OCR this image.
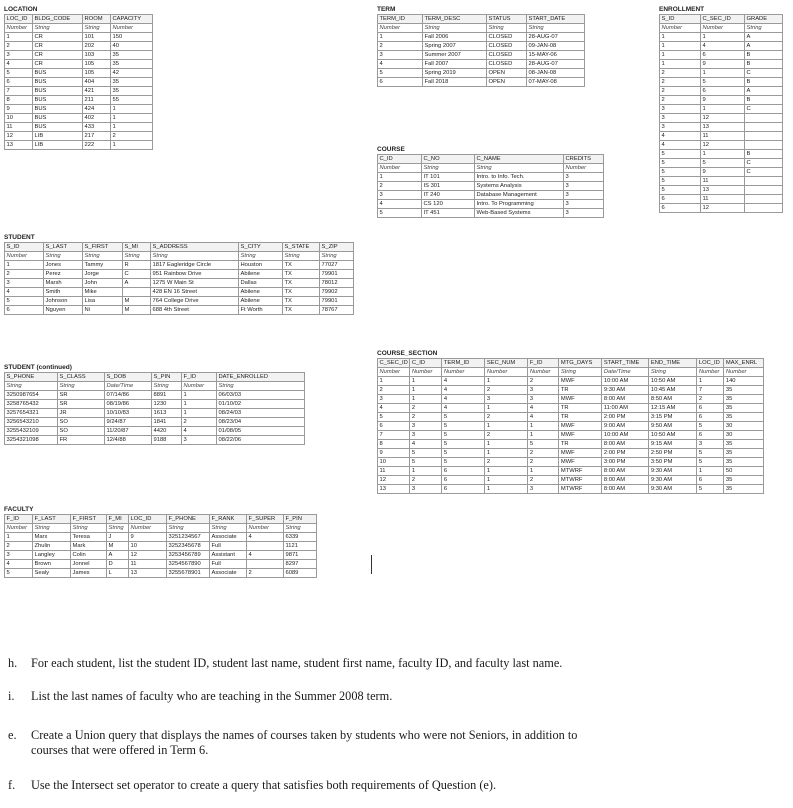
LOCATION
LOC_ID	BLDG_CODE	ROOM	CAPACITY
Number	String	String	Number
1	CR	101	150
2	CR	202	40
3	CR	103	35
4	CR	105	35
5	BUS	105	42
6	BUS	404	35
7	BUS	421	35
8	BUS	211	55
9	BUS	424	1
10	BUS	402	1
11	BUS	433	1
12	LIB	217	2
13	LIB	222	1
TERM
TERM_ID	TERM_DESC	STATUS	START_DATE
Number	String	String	String
1	Fall 2006	CLOSED	28-AUG-07
2	Spring 2007	CLOSED	09-JAN-08
3	Summer 2007	CLOSED	15-MAY-06
4	Fall 2007	CLOSED	28-AUG-07
5	Spring 2019	OPEN	08-JAN-08
6	Fall 2018	OPEN	07-MAY-08
ENROLLMENT
S_ID	C_SEC_ID	GRADE
Number	Number	String
1	1	A
1	4	A
1	6	B
1	9	B
2	1	C
2	5	B
2	6	A
2	9	B
3	1	C
3	12	
3	13	
4	11	
4	12	
5	1	B
5	5	C
5	9	C
5	11	
5	13	
6	11	
6	12	
COURSE
C_ID	C_NO	C_NAME	CREDITS
Number	String	String	Number
1	IT 101	Intro. to Info. Tech.	3
2	IS 301	Systems Analysis	3
3	IT 240	Database Management	3
4	CS 120	Intro. To Programming	3
5	IT 451	Web-Based Systems	3
STUDENT
S_ID	S_LAST	S_FIRST	S_MI	S_ADDRESS	S_CITY	S_STATE	S_ZIP
Number	String	String	String	String	String	String	String
1	Jones	Tammy	R	1817 Eagleridge Circle	Houston	TX	77027
2	Perez	Jorge	C	951 Rainbow Drive	Abilene	TX	79901
3	Marsh	John	A	1275 W Main St	Dallas	TX	78012
4	Smith	Mike		428 EN 16 Street	Abilene	TX	79902
5	Johnson	Lisa	M	764 College Drive	Abilene	TX	79901
6	Nguyen	Ni	M	688 4th Street	Ft Worth	TX	78767
STUDENT (continued)
S_PHONE	S_CLASS	S_DOB	S_PIN	F_ID	DATE_ENROLLED
String	String	Date/Time	String	Number	String
3250987654	SR	07/14/86	8891	1	06/03/03
3258765432	SR	08/19/86	1230	1	01/10/02
3257654321	JR	10/10/83	1613	1	08/24/03
3256543210	SO	9/24/87	1841	2	08/23/04
3255432109	SO	11/20/87	4420	4	01/08/05
3254321098	FR	12/4/88	9188	3	08/22/06
COURSE_SECTION
C_SEC_ID	C_ID	TERM_ID	SEC_NUM	F_ID	MTG_DAYS	START_TIME	END_TIME	LOC_ID	MAX_ENRL
Number	Number	Number	Number	Number	String	Date/Time	String	Number	Number
1	1	4	1	2	MWF	10:00 AM	10:50 AM	1	140
2	1	4	2	3	TR	9:30 AM	10:45 AM	7	35
3	1	4	3	3	MWF	8:00 AM	8:50 AM	2	35
4	2	4	1	4	TR	11:00 AM	12:15 AM	6	35
5	2	5	2	4	TR	2:00 PM	3:15 PM	6	35
6	3	5	1	1	MWF	9:00 AM	9:50 AM	5	30
7	3	5	2	1	MWF	10:00 AM	10:50 AM	6	30
8	4	5	1	5	TR	8:00 AM	9:15 AM	3	35
9	5	5	1	2	MWF	2:00 PM	2:50 PM	5	35
10	5	5	2	2	MWF	3:00 PM	3:50 PM	5	35
11	1	6	1	1	MTWRF	8:00 AM	9:30 AM	1	50
12	2	6	1	2	MTWRF	8:00 AM	9:30 AM	6	35
13	3	6	1	3	MTWRF	8:00 AM	9:30 AM	5	35
FACULTY
F_ID	F_LAST	F_FIRST	F_MI	LOC_ID	F_PHONE	F_RANK	F_SUPER	F_PIN
Number	String	String	String	Number	String	String	Number	String
1	Marx	Teresa	J	9	3251234567	Associate	4	6339
2	Zhulin	Mark	M	10	3252345678	Full		1121
3	Langley	Colin	A	12	3253456789	Assistant	4	9871
4	Brown	Jonnel	D	11	3254567890	Full		8297
5	Sealy	James	L	13	3255678901	Associate	2	6089
h. For each student, list the student ID, student last name, student first name, faculty ID, and faculty last name.
i. List the last names of faculty who are teaching in the Summer 2008 term.
e. Create a Union query that displays the names of courses taken by students who were not Seniors, in addition to
courses that were offered in Term 6.
f. Use the Intersect set operator to create a query that satisfies both requirements of Question (e).
